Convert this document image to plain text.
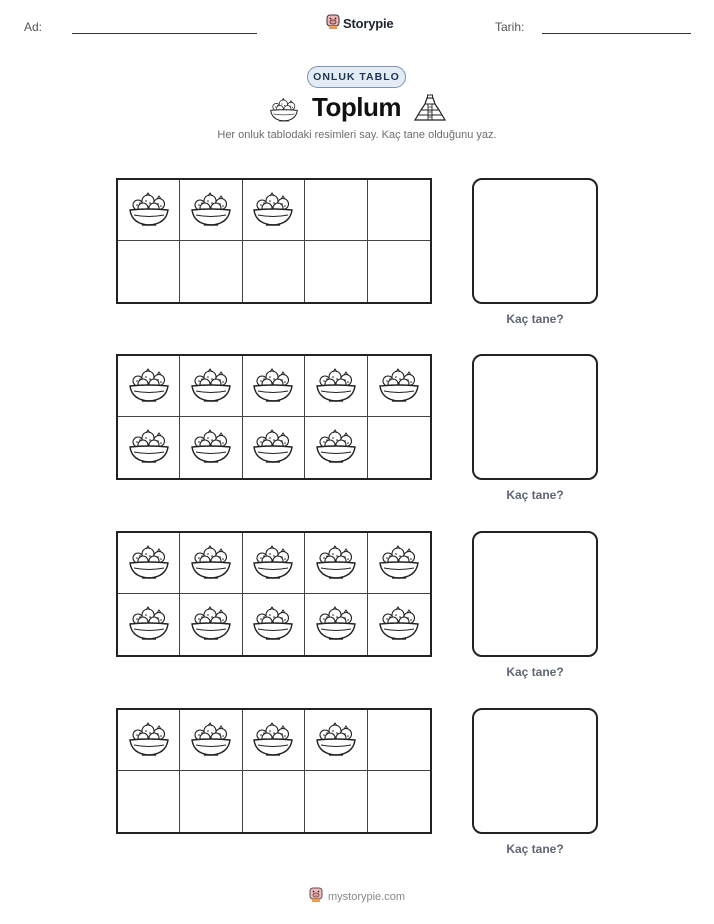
Ad:	Storypie	Tarih:
ONLUK TABLO
Toplum
Her onluk tablodaki resimleri say. Kaç tane olduğunu yaz.
Kaç tane?
Kaç tane?
Kaç tane?
Kaç tane?
mystorypie.com
